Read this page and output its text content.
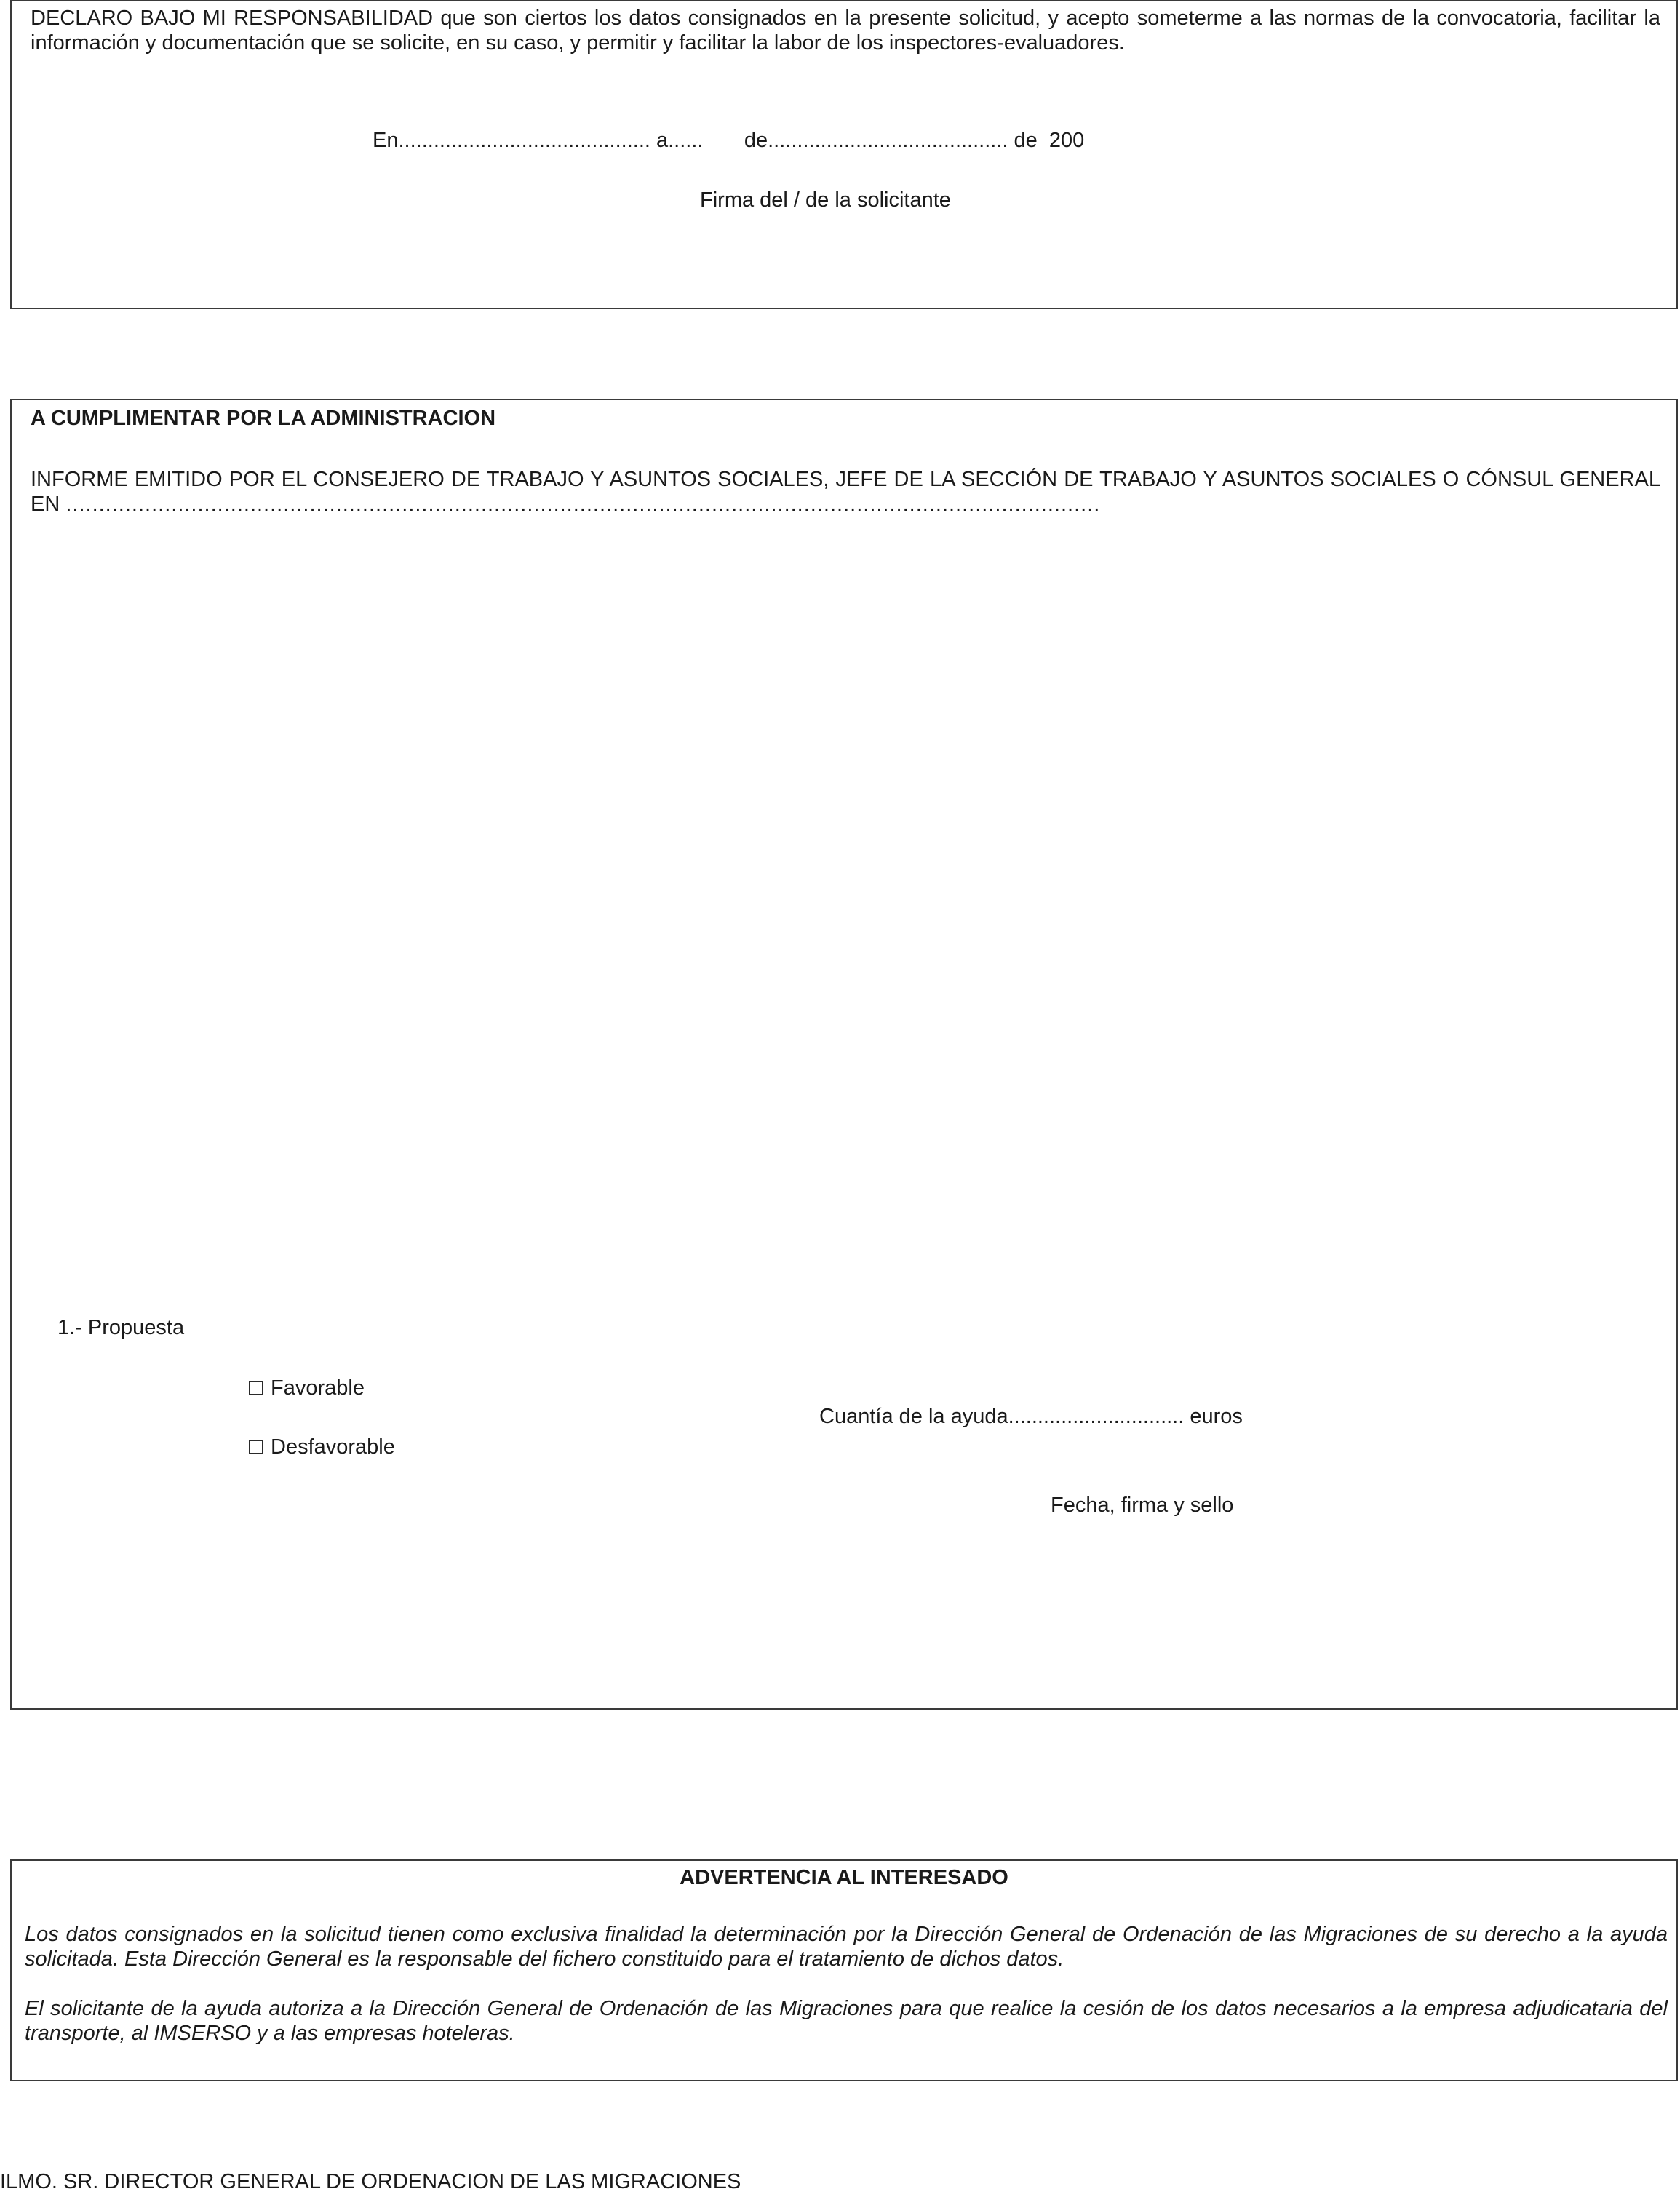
DECLARO BAJO MI RESPONSABILIDAD que son ciertos los datos consignados en la presente solicitud, y acepto someterme a las normas de la convocatoria, facilitar la información y documentación que se solicite, en su caso, y permitir y facilitar la labor de los inspectores-evaluadores.
En........................................... a......       de......................................... de  200
Firma del / de la solicitante
A CUMPLIMENTAR POR LA ADMINISTRACION
INFORME EMITIDO POR EL CONSEJERO DE TRABAJO Y ASUNTOS SOCIALES, JEFE DE LA SECCIÓN DE TRABAJO Y ASUNTOS SOCIALES O CÓNSUL GENERAL EN .............................................................................................................................................................
1.- Propuesta
Favorable
Desfavorable
Cuantía de la ayuda.............................. euros
Fecha, firma y sello
ADVERTENCIA AL INTERESADO
Los datos consignados en la solicitud tienen como exclusiva finalidad la determinación por la Dirección General de Ordenación de las Migraciones de su derecho a la ayuda solicitada. Esta Dirección General es la responsable del fichero constituido para el tratamiento de dichos datos.
El solicitante de la ayuda autoriza a la Dirección General de Ordenación de las Migraciones para que realice la cesión de los datos necesarios a la empresa adjudicataria del transporte, al IMSERSO y a las empresas hoteleras.
ILMO. SR. DIRECTOR GENERAL DE ORDENACION DE LAS MIGRACIONES
